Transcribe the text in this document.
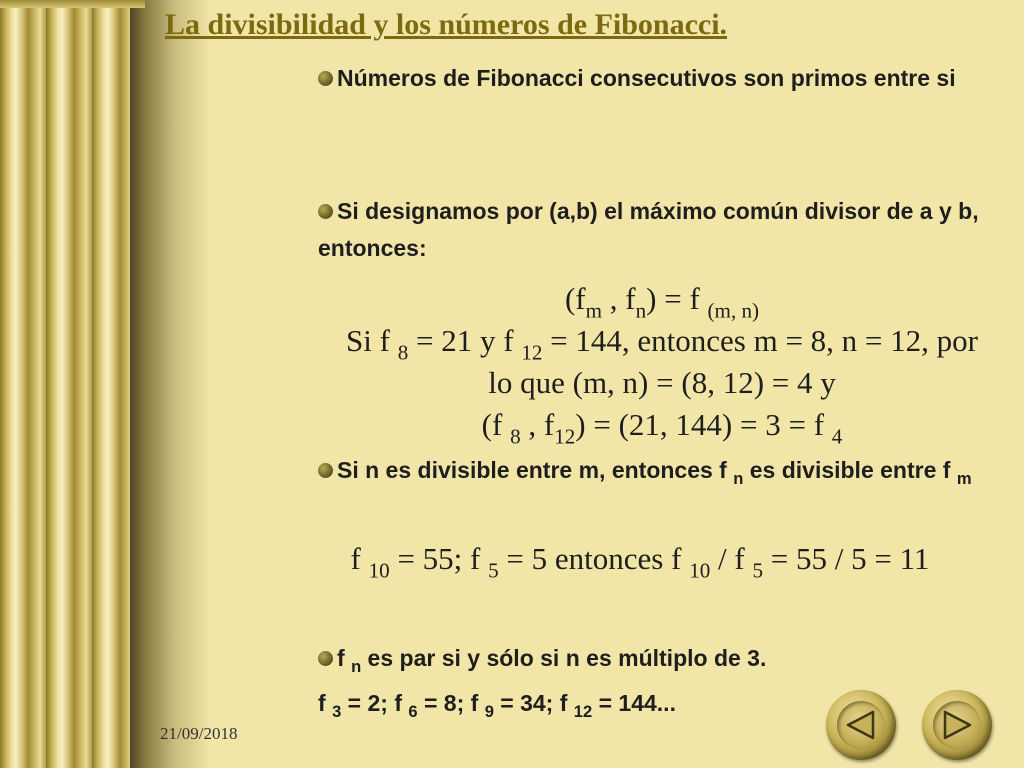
La divisibilidad y los números de Fibonacci.
Números de Fibonacci consecutivos son primos entre si
Si designamos por (a,b) el máximo común divisor de a y b, entonces:
($f_m$ , $f_n) = f$ $_{(m, n)}$
Si f $_8$ = 21 y f $_{12}$ = 144, entonces m = 8, n = 12, por
lo que (m, n) = (8, 12) = 4 y
(f $_8$ , $f_{12}) = (21$, 144) = 3 = f $_4$
Si n es divisible entre m, entonces f $_n$ es divisible entre f $_m$
f $_{10}$ = 55; f $_5$ = 5 entonces f $_{10}$ / f $_5$ = 55 / 5 = 11
f $_n$ es par si y sólo si n es múltiplo de 3.
f $_3$ = 2; f $_6$ = 8; f $_9$ = 34; f $_{12}$ = 144...
21/09/2018
